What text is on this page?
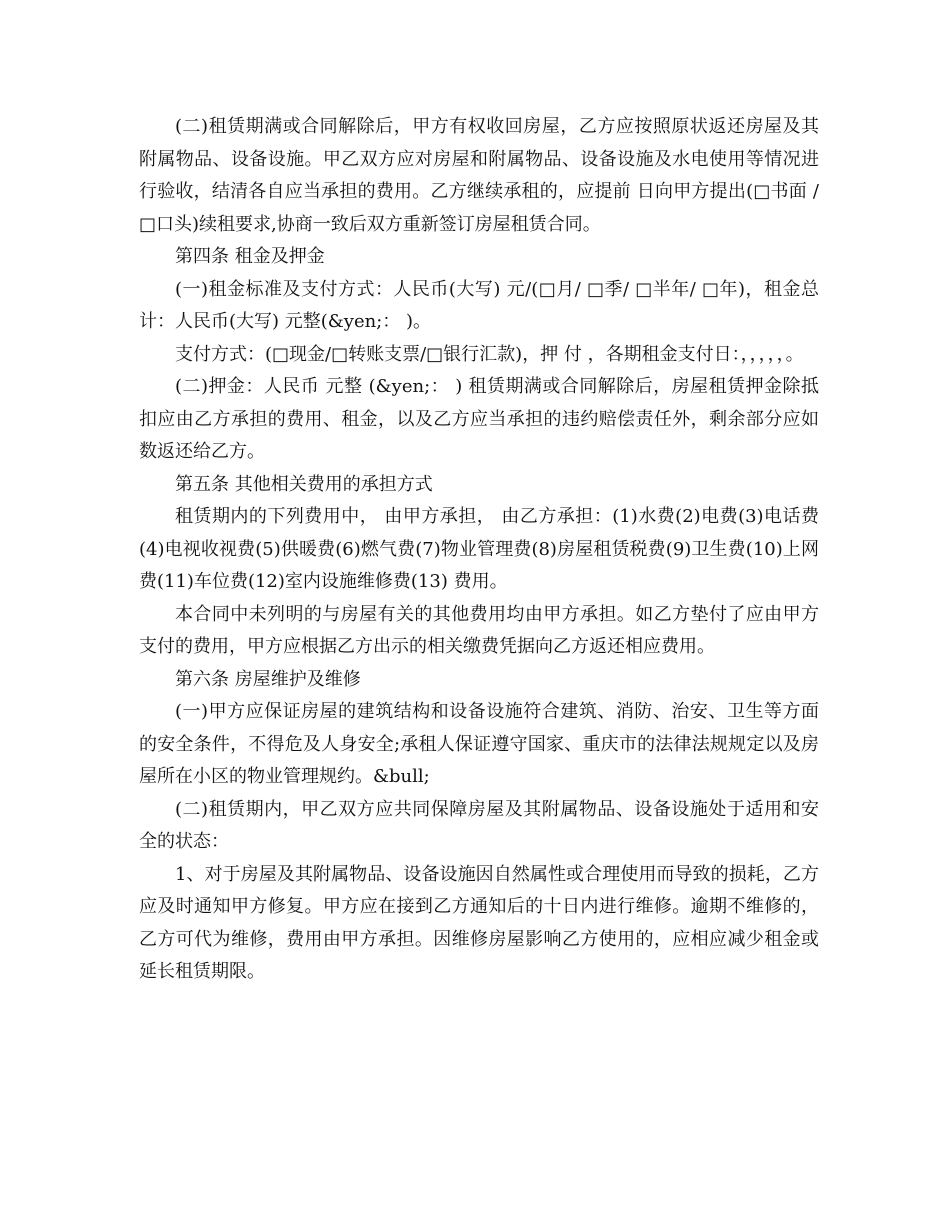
(二)租赁期满或合同解除后，甲方有权收回房屋，乙方应按照原状返还房屋及其附属物品、设备设施。甲乙双方应对房屋和附属物品、设备设施及水电使用等情况进行验收，结清各自应当承担的费用。乙方继续承租的，应提前 日向甲方提出(□书面 / □口头)续租要求,协商一致后双方重新签订房屋租赁合同。

第四条 租金及押金

(一)租金标准及支付方式：人民币(大写) 元/(□月/ □季/ □半年/ □年)，租金总计：人民币(大写) 元整(&yen;： )。

支付方式：(□现金/□转账支票/□银行汇款)，押 付 ，各期租金支付日：，，，，，。

(二)押金：人民币 元整 (&yen;： ) 租赁期满或合同解除后，房屋租赁押金除抵扣应由乙方承担的费用、租金，以及乙方应当承担的违约赔偿责任外，剩余部分应如数返还给乙方。

第五条 其他相关费用的承担方式

租赁期内的下列费用中， 由甲方承担， 由乙方承担：(1)水费(2)电费(3)电话费(4)电视收视费(5)供暖费(6)燃气费(7)物业管理费(8)房屋租赁税费(9)卫生费(10)上网费(11)车位费(12)室内设施维修费(13) 费用。

本合同中未列明的与房屋有关的其他费用均由甲方承担。如乙方垫付了应由甲方支付的费用，甲方应根据乙方出示的相关缴费凭据向乙方返还相应费用。

第六条 房屋维护及维修

(一)甲方应保证房屋的建筑结构和设备设施符合建筑、消防、治安、卫生等方面的安全条件，不得危及人身安全;承租人保证遵守国家、重庆市的法律法规规定以及房屋所在小区的物业管理规约。&bull;

(二)租赁期内，甲乙双方应共同保障房屋及其附属物品、设备设施处于适用和安全的状态：

1、对于房屋及其附属物品、设备设施因自然属性或合理使用而导致的损耗，乙方应及时通知甲方修复。甲方应在接到乙方通知后的十日内进行维修。逾期不维修的，乙方可代为维修，费用由甲方承担。因维修房屋影响乙方使用的，应相应减少租金或延长租赁期限。
